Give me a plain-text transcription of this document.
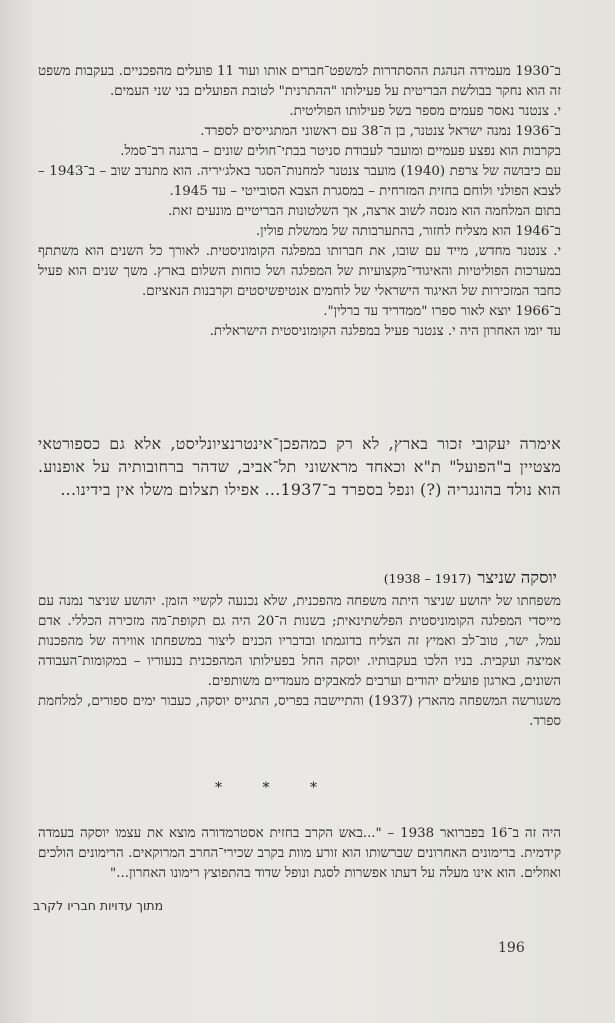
ב־1930 מעמידה הנהגת ההסתדרות למשפט־חברים אותו ועוד 11 פועלים מהפכניים. בעקבות משפט זה הוא נחקר בבולשת הבריטית על פעילותו "ההתרנית" לטובת הפועלים בני שני העמים.

י. צנטנר נאסר פעמים מספר בשל פעילותו הפוליטית.

ב־1936 נמנה ישראל צנטנר, בן ה־38 עם ראשוני המתגייסים לספרד.

בקרבות הוא נפצע פעמיים ומועבר לעבודת סניטר בבתי־חולים שונים – ברגנה רב־סמל.

עם כיבושה של צרפת (1940) מועבר צנטנר למחנות־הסגר באלג׳יריה. הוא מתנדב שוב – ב־1943 – לצבא הפולני ולוחם בחזית המזרחית – במסגרת הצבא הסובייטי – עד 1945.

בתום המלחמה הוא מנסה לשוב ארצה, אך השלטונות הבריטיים מונעים זאת.

ב־1946 הוא מצליח לחזור, בהתערבותה של ממשלת פולין.

י. צנטנר מחדש, מייד עם שובו, את חברותו במפלגה הקומוניסטית. לאורך כל השנים הוא משתתף במערכות הפוליטיות והאיגודי־מקצועיות של המפלגה ושל כוחות השלום בארץ. משך שנים הוא פעיל כחבר המזכירות של האיגוד הישראלי של לוחמים אנטיפשיסטים וקרבנות הנאציזם.

ב־1966 יוצא לאור ספרו "ממדריד עד ברלין".

עד יומו האחרון היה י. צנטנר פעיל במפלגה הקומוניסטית הישראלית.

אימרה יעקובי זכור בארץ, לא רק כמהפכן־אינטרנציונליסט, אלא גם כספורטאי מצטיין ב"הפועל" ת"א וכאחד מראשוני תל־אביב, שדהר ברחובותיה על אופנוע. הוא נולד בהונגריה (?) ונפל בספרד ב־1937... אפילו תצלום משלו אין בידינו...

יוסקה שניצר(1917 – 1938)

משפחתו של יהושע שניצר היתה משפחה מהפכנית, שלא נכנעה לקשיי הזמן. יהושע שניצר נמנה עם מייסדי המפלגה הקומוניסטית הפלשתינאית; בשנות ה־20 היה גם תקופת־מה מזכירה הכללי. אדם עמל, ישר, טוב־לב ואמיץ זה הצליח בדוגמתו ובדבריו הכנים ליצור במשפחתו אווירה של מהפכנות אמיצה ועקבית. בניו הלכו בעקבותיו. יוסקה החל בפעילותו המהפכנית בנעוריו – במקומות־העבודה השונים, בארגון פועלים יהודים וערבים למאבקים מעמדיים משותפים.

משגורשה המשפחה מהארץ (1937) והתיישבה בפריס, התגייס יוסקה, כעבור ימים ספורים, למלחמת ספרד.

* * *

היה זה ב־16 בפברואר 1938 – "...באש הקרב בחזית אסטרמדורה מוצא את עצמו יוסקה בעמדה קידמית. ברימונים האחרונים שברשותו הוא זורע מוות בקרב שכירי־החרב המרוקאים. הרימונים הולכים ואוזלים. הוא אינו מעלה על דעתו אפשרות לסגת ונופל שדוד בהתפוצץ רימונו האחרון..."

מתוך עדויות חבריו לקרב
196
